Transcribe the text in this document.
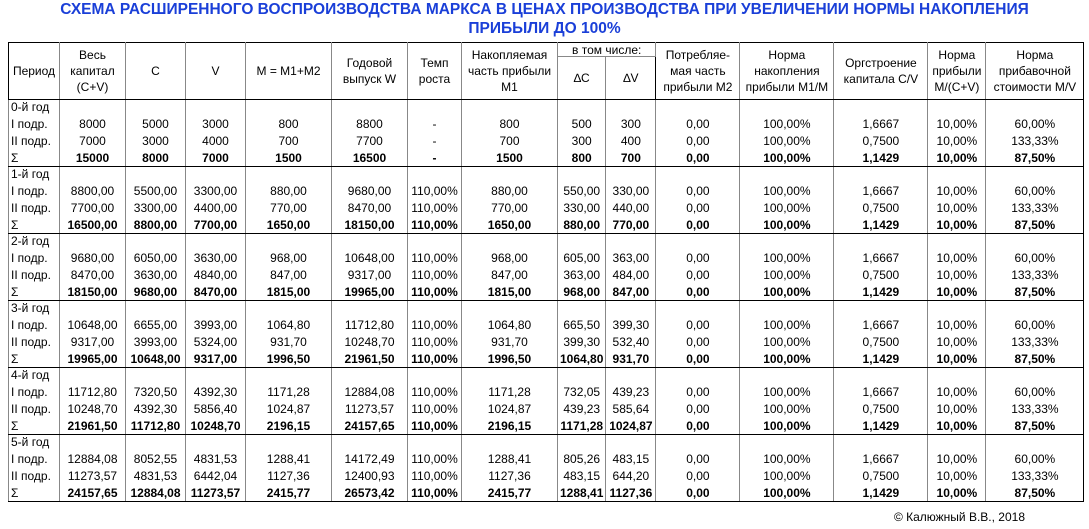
СХЕМА РАСШИРЕННОГО ВОСПРОИЗВОДСТВА МАРКСА В ЦЕНАХ ПРОИЗВОДСТВА ПРИ УВЕЛИЧЕНИИ НОРМЫ НАКОПЛЕНИЯ
ПРИБЫЛИ ДО 100%
Период	Весь капитал (C+V)	C	V	M = M1+M2	Годовой выпуск W	Темп роста	Накопляемая часть прибыли M1	в том числе:		Потребляе-мая часть прибыли M2	Норма накопления прибыли M1/M	Оргстроение капитала C/V	Норма прибыли M/(C+V)	Норма прибавочной стоимости M/V
								∆C	∆V					
0-й год														
I подр.	8000	5000	3000	800	8800	-	800	500	300	0,00	100,00%	1,6667	10,00%	60,00%
II подр.	7000	3000	4000	700	7700	-	700	300	400	0,00	100,00%	0,7500	10,00%	133,33%
Σ	15000	8000	7000	1500	16500	-	1500	800	700	0,00	100,00%	1,1429	10,00%	87,50%
1-й год														
I подр.	8800,00	5500,00	3300,00	880,00	9680,00	110,00%	880,00	550,00	330,00	0,00	100,00%	1,6667	10,00%	60,00%
II подр.	7700,00	3300,00	4400,00	770,00	8470,00	110,00%	770,00	330,00	440,00	0,00	100,00%	0,7500	10,00%	133,33%
Σ	16500,00	8800,00	7700,00	1650,00	18150,00	110,00%	1650,00	880,00	770,00	0,00	100,00%	1,1429	10,00%	87,50%
2-й год														
I подр.	9680,00	6050,00	3630,00	968,00	10648,00	110,00%	968,00	605,00	363,00	0,00	100,00%	1,6667	10,00%	60,00%
II подр.	8470,00	3630,00	4840,00	847,00	9317,00	110,00%	847,00	363,00	484,00	0,00	100,00%	0,7500	10,00%	133,33%
Σ	18150,00	9680,00	8470,00	1815,00	19965,00	110,00%	1815,00	968,00	847,00	0,00	100,00%	1,1429	10,00%	87,50%
3-й год														
I подр.	10648,00	6655,00	3993,00	1064,80	11712,80	110,00%	1064,80	665,50	399,30	0,00	100,00%	1,6667	10,00%	60,00%
II подр.	9317,00	3993,00	5324,00	931,70	10248,70	110,00%	931,70	399,30	532,40	0,00	100,00%	0,7500	10,00%	133,33%
Σ	19965,00	10648,00	9317,00	1996,50	21961,50	110,00%	1996,50	1064,80	931,70	0,00	100,00%	1,1429	10,00%	87,50%
4-й год														
I подр.	11712,80	7320,50	4392,30	1171,28	12884,08	110,00%	1171,28	732,05	439,23	0,00	100,00%	1,6667	10,00%	60,00%
II подр.	10248,70	4392,30	5856,40	1024,87	11273,57	110,00%	1024,87	439,23	585,64	0,00	100,00%	0,7500	10,00%	133,33%
Σ	21961,50	11712,80	10248,70	2196,15	24157,65	110,00%	2196,15	1171,28	1024,87	0,00	100,00%	1,1429	10,00%	87,50%
5-й год														
I подр.	12884,08	8052,55	4831,53	1288,41	14172,49	110,00%	1288,41	805,26	483,15	0,00	100,00%	1,6667	10,00%	60,00%
II подр.	11273,57	4831,53	6442,04	1127,36	12400,93	110,00%	1127,36	483,15	644,20	0,00	100,00%	0,7500	10,00%	133,33%
Σ	24157,65	12884,08	11273,57	2415,77	26573,42	110,00%	2415,77	1288,41	1127,36	0,00	100,00%	1,1429	10,00%	87,50%
© Калюжный В.В., 2018
